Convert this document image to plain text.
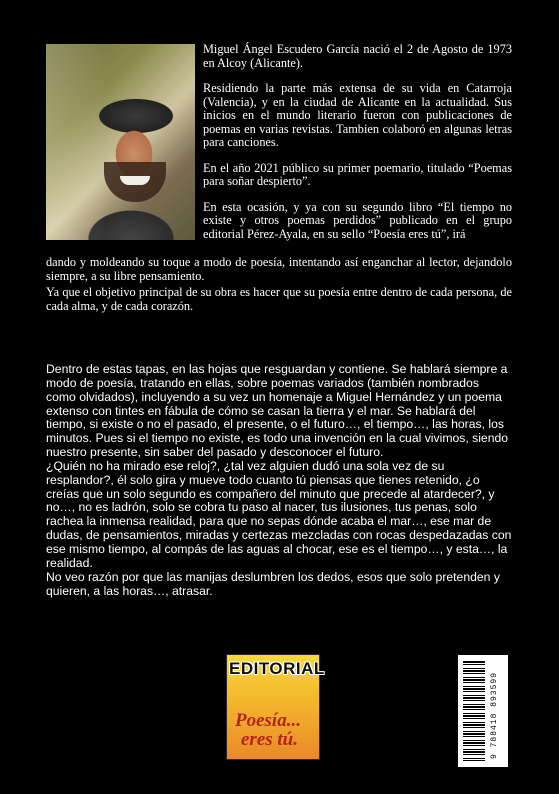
Miguel Ángel Escudero García nació el 2 de Agosto de 1973 en Alcoy (Alicante).

Residiendo la parte más extensa de su vida en Catarroja (Valencia), y en la ciudad de Alicante en la actualidad. Sus inicios en el mundo literario fueron con publicaciones de poemas en varias revistas. Tambien colaboró en algunas letras para canciones.

En el año 2021 público su primer poemario, titulado “Poemas para soñar despierto”.

En esta ocasión, y ya con su segundo libro “El tiempo no existe y otros poemas perdidos” publicado en el grupo editorial Pérez-Ayala, en su sello “Poesía eres tú”, irá

dando y moldeando su toque a modo de poesía, intentando así enganchar al lector, dejandolo siempre, a su libre pensamiento.

Ya que el objetivo principal de su obra es hacer que su poesía entre dentro de cada persona, de cada alma, y de cada corazón.

Dentro de estas tapas, en las hojas que resguardan y contiene. Se hablará siempre a modo de poesía, tratando en ellas, sobre poemas variados (también nombrados como olvidados), incluyendo a su vez un homenaje a Miguel Hernández y un poema extenso con tintes en fábula de cómo se casan la tierra y el mar. Se hablará del tiempo, si existe o no el pasado, el presente, o el futuro…, el tiempo…, las horas, los minutos. Pues si el tiempo no existe, es todo una invención en la cual vivimos, siendo nuestro presente, sin saber del pasado y desconocer el futuro.

¿Quién no ha mirado ese reloj?, ¿tal vez alguien dudó una sola vez de su resplandor?, él solo gira y mueve todo cuanto tú piensas que tienes retenido, ¿o creías que un solo segundo es compañero del minuto que precede al atardecer?, y no…, no es ladrón, solo se cobra tu paso al nacer, tus ilusiones, tus penas, solo rachea la inmensa realidad, para que no sepas dónde acaba el mar…, ese mar de dudas, de pensamientos, miradas y certezas mezcladas con rocas despedazadas con ese mismo tiempo, al compás de las aguas al chocar, ese es el tiempo…, y esta…, la realidad.

No veo razón por que las manijas deslumbren los dedos, esos que solo pretenden y quieren, a las horas…, atrasar.

EDITORIAL
Poesía...
eres tú.	9 788418 893599
